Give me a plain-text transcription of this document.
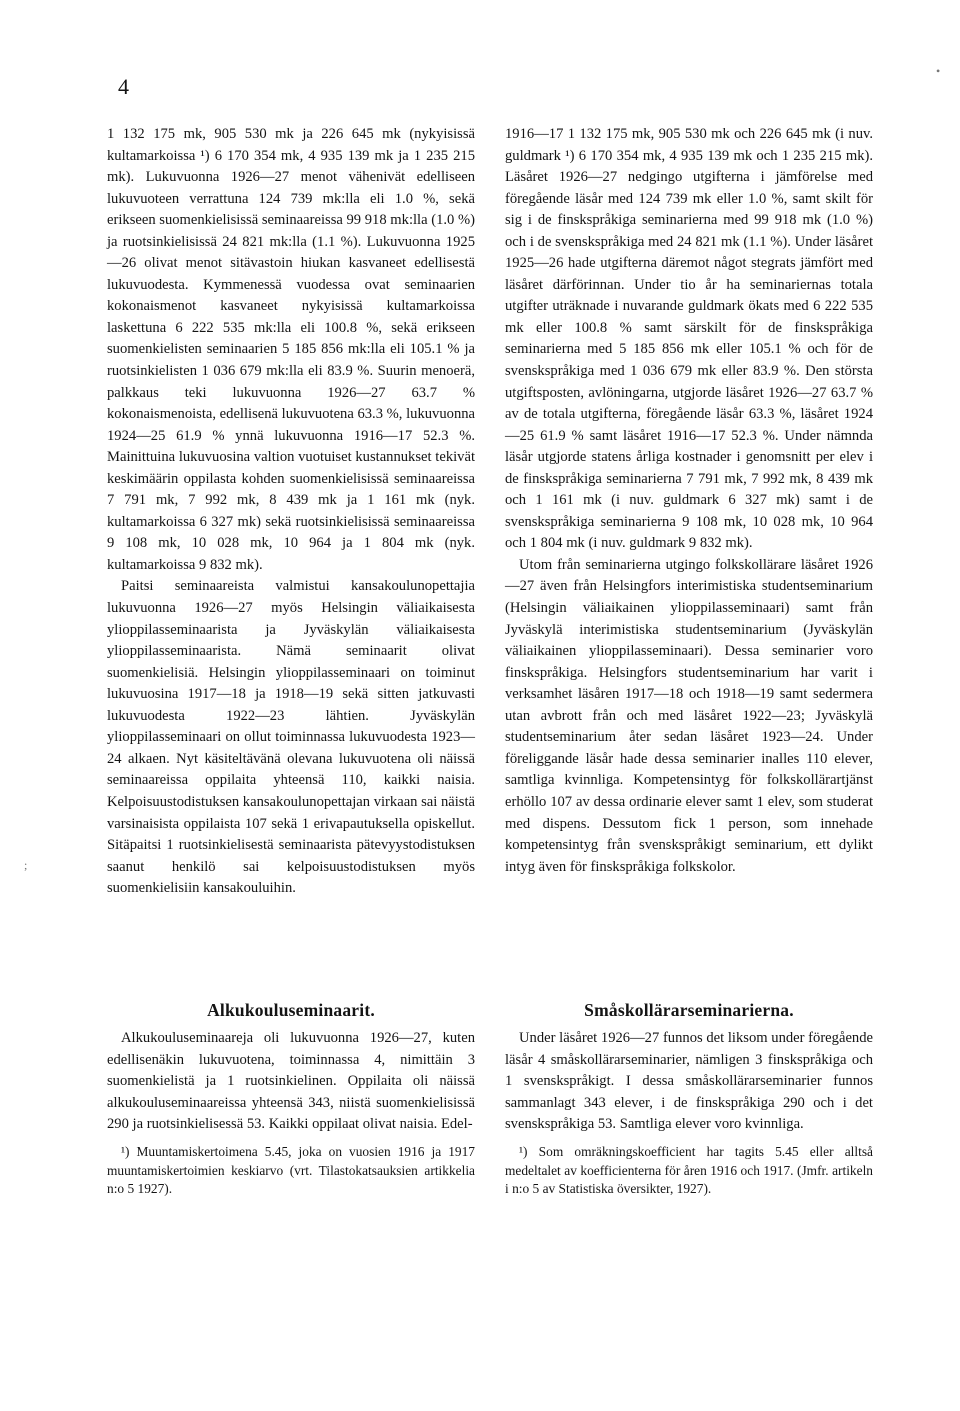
4
•
;

1 132 175 mk, 905 530 mk ja 226 645 mk (nykyisissä kultamarkoissa ¹) 6 170 354 mk, 4 935 139 mk ja 1 235 215 mk). Lukuvuonna 1926—27 menot vähenivät edelliseen lukuvuoteen verrattuna 124 739 mk:lla eli 1.0 %, sekä erikseen suomenkielisissä seminaareissa 99 918 mk:lla (1.0 %) ja ruotsinkielisissä 24 821 mk:lla (1.1 %). Lukuvuonna 1925—26 olivat menot sitävastoin hiukan kasvaneet edellisestä lukuvuodesta. Kymmenessä vuodessa ovat seminaarien kokonaismenot kasvaneet nykyisissä kultamarkoissa laskettuna 6 222 535 mk:lla eli 100.8 %, sekä erikseen suomenkielisten seminaarien 5 185 856 mk:lla eli 105.1 % ja ruotsinkielisten 1 036 679 mk:lla eli 83.9 %. Suurin menoerä, palkkaus teki lukuvuonna 1926—27 63.7 % kokonaismenoista, edellisenä lukuvuotena 63.3 %, lukuvuonna 1924—25 61.9 % ynnä lukuvuonna 1916—17 52.3 %. Mainittuina lukuvuosina valtion vuotuiset kustannukset tekivät keskimäärin oppilasta kohden suomenkielisissä seminaareissa 7 791 mk, 7 992 mk, 8 439 mk ja 1 161 mk (nyk. kultamarkoissa 6 327 mk) sekä ruotsinkielisissä seminaareissa 9 108 mk, 10 028 mk, 10 964 ja 1 804 mk (nyk. kultamarkoissa 9 832 mk).

Paitsi seminaareista valmistui kansakoulunopettajia lukuvuonna 1926—27 myös Helsingin väliaikaisesta ylioppilasseminaarista ja Jyväskylän väliaikaisesta ylioppilasseminaarista. Nämä seminaarit olivat suomenkielisiä. Helsingin ylioppilasseminaari on toiminut lukuvuosina 1917—18 ja 1918—19 sekä sitten jatkuvasti lukuvuodesta 1922—23 lähtien. Jyväskylän ylioppilasseminaari on ollut toiminnassa lukuvuodesta 1923—24 alkaen. Nyt käsiteltävänä olevana lukuvuotena oli näissä seminaareissa oppilaita yhteensä 110, kaikki naisia. Kelpoisuustodistuksen kansakoulunopettajan virkaan sai näistä varsinaisista oppilaista 107 sekä 1 erivapautuksella opiskellut. Sitäpaitsi 1 ruotsinkielisestä seminaarista pätevyystodistuksen saanut henkilö sai kelpoisuustodistuksen myös suomenkielisiin kansakouluihin.

1916—17 1 132 175 mk, 905 530 mk och 226 645 mk (i nuv. guldmark ¹) 6 170 354 mk, 4 935 139 mk och 1 235 215 mk). Läsåret 1926—27 nedgingo utgifterna i jämförelse med föregående läsår med 124 739 mk eller 1.0 %, samt skilt för sig i de finskspråkiga seminarierna med 99 918 mk (1.0 %) och i de svenskspråkiga med 24 821 mk (1.1 %). Under läsåret 1925—26 hade utgifterna däremot något stegrats jämfört med läsåret därförinnan. Under tio år ha seminariernas totala utgifter uträknade i nuvarande guldmark ökats med 6 222 535 mk eller 100.8 % samt särskilt för de finskspråkiga seminarierna med 5 185 856 mk eller 105.1 % och för de svenskspråkiga med 1 036 679 mk eller 83.9 %. Den största utgiftsposten, avlöningarna, utgjorde läsåret 1926—27 63.7 % av de totala utgifterna, föregående läsår 63.3 %, läsåret 1924—25 61.9 % samt läsåret 1916—17 52.3 %. Under nämnda läsår utgjorde statens årliga kostnader i genomsnitt per elev i de finskspråkiga seminarierna 7 791 mk, 7 992 mk, 8 439 mk och 1 161 mk (i nuv. guldmark 6 327 mk) samt i de svenskspråkiga seminarierna 9 108 mk, 10 028 mk, 10 964 och 1 804 mk (i nuv. guldmark 9 832 mk).

Utom från seminarierna utgingo folkskollärare läsåret 1926—27 även från Helsingfors interimistiska studentseminarium (Helsingin väliaikainen ylioppilasseminaari) samt från Jyväskylä interimistiska studentseminarium (Jyväskylän väliaikainen ylioppilasseminaari). Dessa seminarier voro finskspråkiga. Helsingfors studentseminarium har varit i verksamhet läsåren 1917—18 och 1918—19 samt sedermera utan avbrott från och med läsåret 1922—23; Jyväskylä studentseminarium åter sedan läsåret 1923—24. Under föreliggande läsår hade dessa seminarier inalles 110 elever, samtliga kvinnliga. Kompetensintyg för folkskollärartjänst erhöllo 107 av dessa ordinarie elever samt 1 elev, som studerat med dispens. Dessutom fick 1 person, som innehade kompetensintyg från svenskspråkigt seminarium, ett dylikt intyg även för finskspråkiga folkskolor.

Alkukouluseminaarit.	Småskollärarseminarierna.

Alkukouluseminaareja oli lukuvuonna 1926—27, kuten edellisenäkin lukuvuotena, toiminnassa 4, nimittäin 3 suomenkielistä ja 1 ruotsinkielinen. Oppilaita oli näissä alkukouluseminaareissa yhteensä 343, niistä suomenkielisissä 290 ja ruotsinkielisessä 53. Kaikki oppilaat olivat naisia. Edel-

Under läsåret 1926—27 funnos det liksom under föregående läsår 4 småskollärarseminarier, nämligen 3 finskspråkiga och 1 svenskspråkigt. I dessa småskollärarseminarier funnos sammanlagt 343 elever, i de finskspråkiga 290 och i det svenskspråkiga 53. Samtliga elever voro kvinnliga.

¹) Muuntamiskertoimena 5.45, joka on vuosien 1916 ja 1917 muuntamiskertoimien keskiarvo (vrt. Tilastokatsauksien artikkelia n:o 5 1927).

¹) Som omräkningskoefficient har tagits 5.45 eller alltså medeltalet av koefficienterna för åren 1916 och 1917. (Jmfr. artikeln i n:o 5 av Statistiska översikter, 1927).
